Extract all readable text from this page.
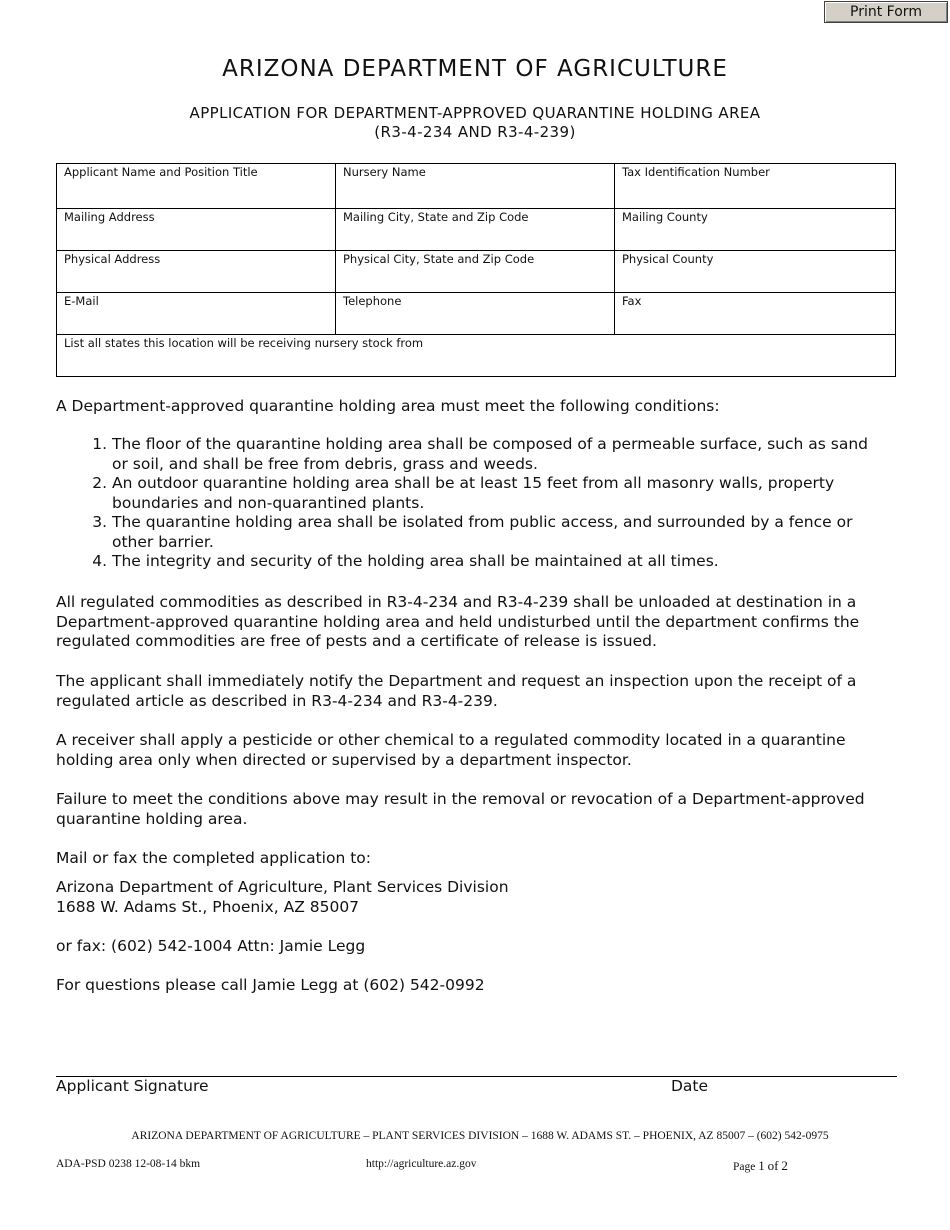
Print Form
ARIZONA DEPARTMENT OF AGRICULTURE
APPLICATION FOR DEPARTMENT-APPROVED QUARANTINE HOLDING AREA
(R3-4-234 AND R3-4-239)
Applicant Name and Position Title	Nursery Name	Tax Identification Number

Mailing Address	Mailing City, State and Zip Code	Mailing County

Physical Address	Physical City, State and Zip Code	Physical County

E-Mail	Telephone	Fax

List all states this location will be receiving nursery stock from		

A Department-approved quarantine holding area must meet the following conditions:

1. The floor of the quarantine holding area shall be composed of a permeable surface, such as sand or soil, and shall be free from debris, grass and weeds.
2. An outdoor quarantine holding area shall be at least 15 feet from all masonry walls, property boundaries and non-quarantined plants.
3. The quarantine holding area shall be isolated from public access, and surrounded by a fence or other barrier.
4. The integrity and security of the holding area shall be maintained at all times.

All regulated commodities as described in R3-4-234 and R3-4-239 shall be unloaded at destination in a Department-approved quarantine holding area and held undisturbed until the department confirms the regulated commodities are free of pests and a certificate of release is issued.

The applicant shall immediately notify the Department and request an inspection upon the receipt of a regulated article as described in R3-4-234 and R3-4-239.

A receiver shall apply a pesticide or other chemical to a regulated commodity located in a quarantine holding area only when directed or supervised by a department inspector.

Failure to meet the conditions above may result in the removal or revocation of a Department-approved quarantine holding area.

Mail or fax the completed application to:

Arizona Department of Agriculture, Plant Services Division

1688 W. Adams St., Phoenix, AZ 85007

or fax: (602) 542-1004 Attn: Jamie Legg

For questions please call Jamie Legg at (602) 542-0992

Applicant Signature	Date
ARIZONA DEPARTMENT OF AGRICULTURE – PLANT SERVICES DIVISION – 1688 W. ADAMS ST. – PHOENIX, AZ 85007 – (602) 542-0975
ADA-PSD 0238 12-08-14 bkm	http://agriculture.az.gov	Page 1 of 2
